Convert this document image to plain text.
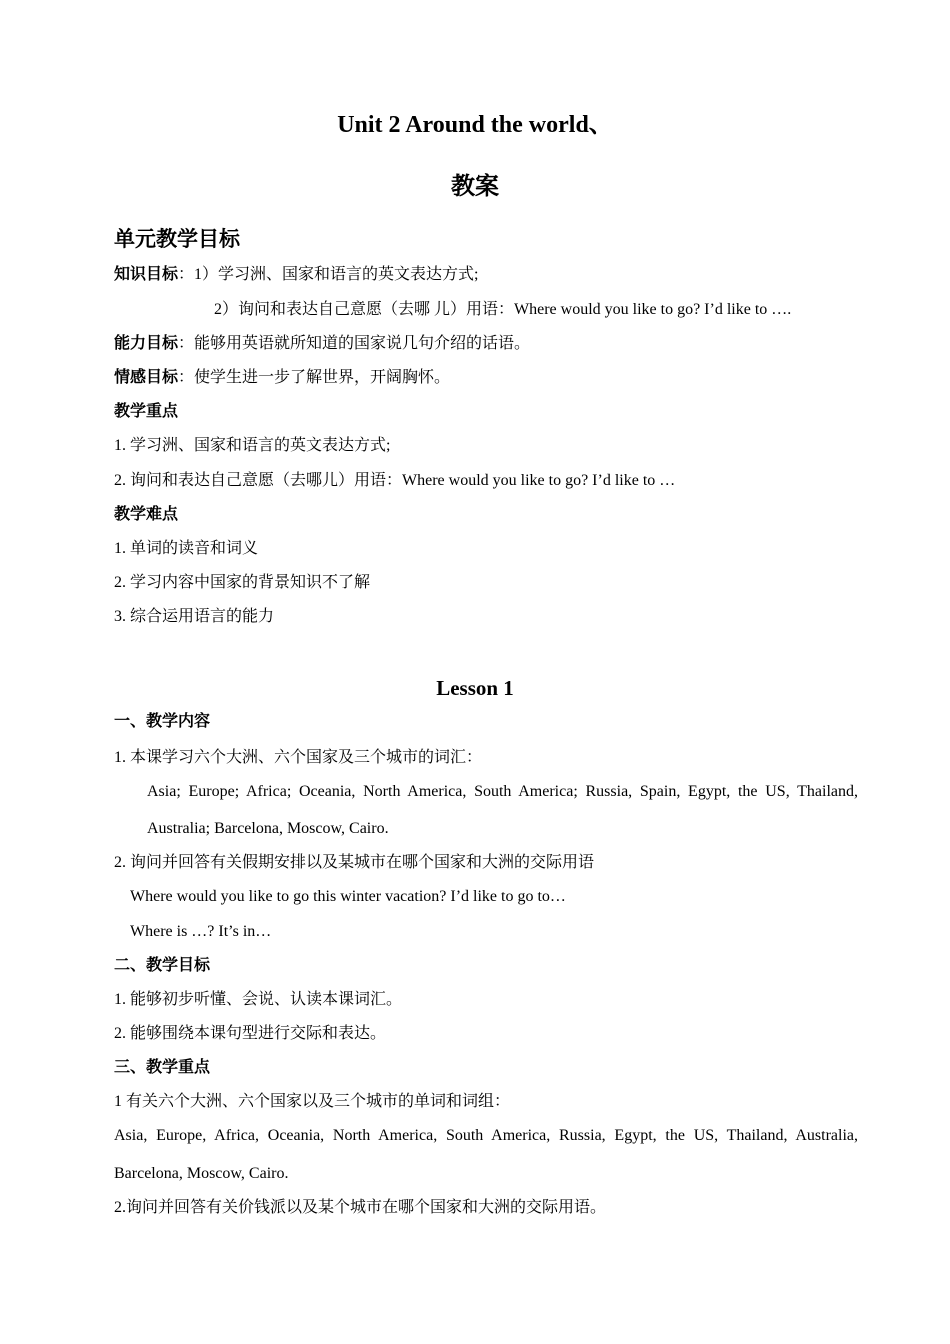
Unit 2 Around the world、
教案
单元教学目标
知识目标：1）学习洲、国家和语言的英文表达方式;
2）询问和表达自己意愿（去哪 儿）用语：Where would you like to go? I’d like to ….
能力目标：能够用英语就所知道的国家说几句介绍的话语。
情感目标：使学生进一步了解世界，开阔胸怀。
教学重点
1. 学习洲、国家和语言的英文表达方式;
2. 询问和表达自己意愿（去哪儿）用语：Where would you like to go? I’d like to …
教学难点
1. 单词的读音和词义
2. 学习内容中国家的背景知识不了解
3. 综合运用语言的能力
Lesson 1
一、教学内容
1. 本课学习六个大洲、六个国家及三个城市的词汇：
Asia; Europe; Africa; Oceania, North America, South America; Russia, Spain, Egypt, the US, Thailand,
Australia; Barcelona, Moscow, Cairo.
2. 询问并回答有关假期安排以及某城市在哪个国家和大洲的交际用语
Where would you like to go this winter vacation? I’d like to go to…
Where is …? It’s in…
二、教学目标
1. 能够初步听懂、会说、认读本课词汇。
2. 能够围绕本课句型进行交际和表达。
三、教学重点
1 有关六个大洲、六个国家以及三个城市的单词和词组：
Asia, Europe, Africa, Oceania, North America, South America, Russia, Egypt, the US, Thailand, Australia,
Barcelona, Moscow, Cairo.
2.询问并回答有关价钱派以及某个城市在哪个国家和大洲的交际用语。
